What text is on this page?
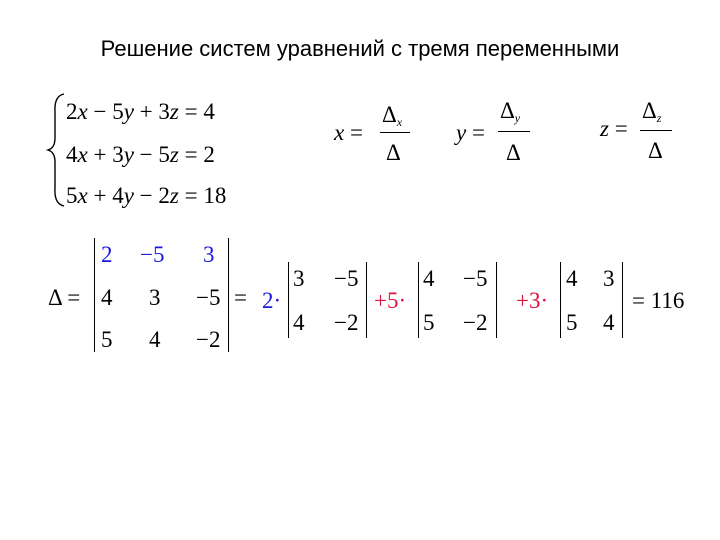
Решение систем уравнений с тремя переменными
2x − 5y + 3z = 4
4x + 3y − 5z = 2
5x + 4y − 2z = 18
x =
$\Delta_x$
Δ
y =
$\Delta_y$
Δ
z =
$\Delta_z$
Δ
Δ =
2 −5 3
4 3 −5
5 4 −2
= 2·
3 −5
4 −2
+5·
4 −5
5 −2
+3·
4 3
5 4
= 116
